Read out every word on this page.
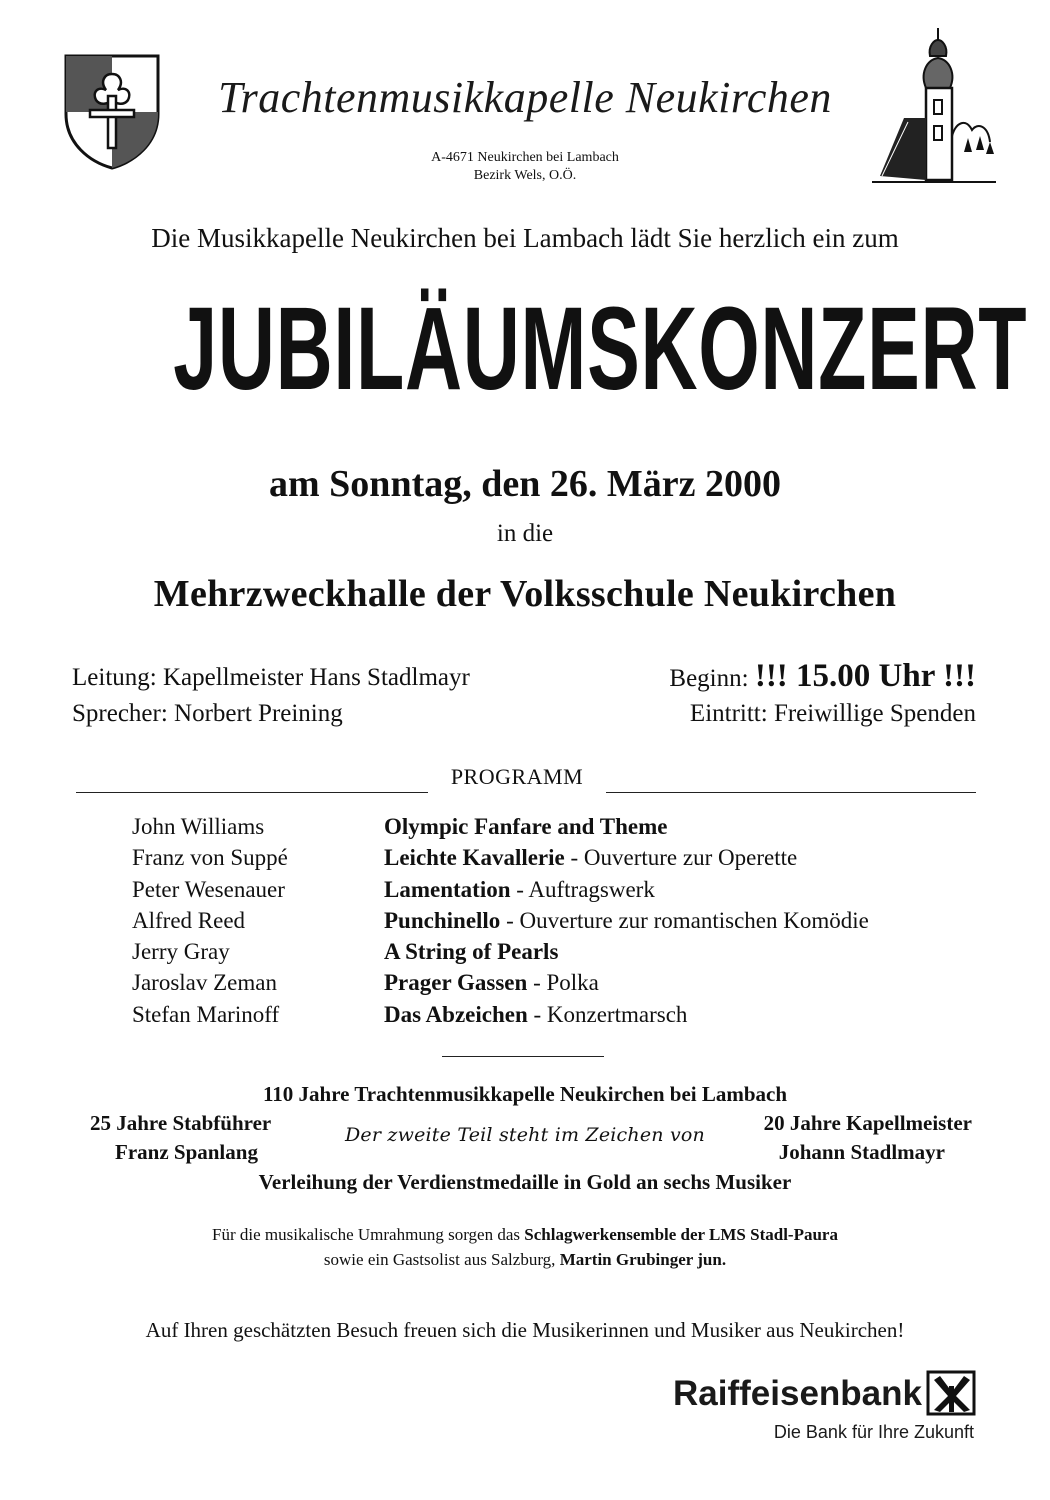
Trachtenmusikkapelle Neukirchen
A-4671 Neukirchen bei Lambach
Bezirk Wels, O.Ö.
Die Musikkapelle Neukirchen bei Lambach lädt Sie herzlich ein zum
JUBILÄUMSKONZERT
am Sonntag, den 26. März 2000
in die
Mehrzweckhalle der Volksschule Neukirchen
Leitung: Kapellmeister Hans Stadlmayr
Sprecher: Norbert Preining
Beginn: !!! 15.00 Uhr !!!
Eintritt: Freiwillige Spenden
PROGRAMM
John Williams	Olympic Fanfare and Theme
Franz von Suppé	Leichte Kavallerie - Ouverture zur Operette
Peter Wesenauer	Lamentation - Auftragswerk
Alfred Reed	Punchinello - Ouverture zur romantischen Komödie
Jerry Gray	A String of Pearls
Jaroslav Zeman	Prager Gassen - Polka
Stefan Marinoff	Das Abzeichen - Konzertmarsch
110 Jahre Trachtenmusikkapelle Neukirchen bei Lambach
25 Jahre Stabführer
Franz Spanlang
Der zweite Teil steht im Zeichen von	20 Jahre Kapellmeister
Johann Stadlmayr
Verleihung der Verdienstmedaille in Gold an sechs Musiker
Für die musikalische Umrahmung sorgen das Schlagwerkensemble der LMS Stadl-Paura
sowie ein Gastsolist aus Salzburg, Martin Grubinger jun.
Auf Ihren geschätzten Besuch freuen sich die Musikerinnen und Musiker aus Neukirchen!
Raiffeisenbank
Die Bank für Ihre Zukunft
